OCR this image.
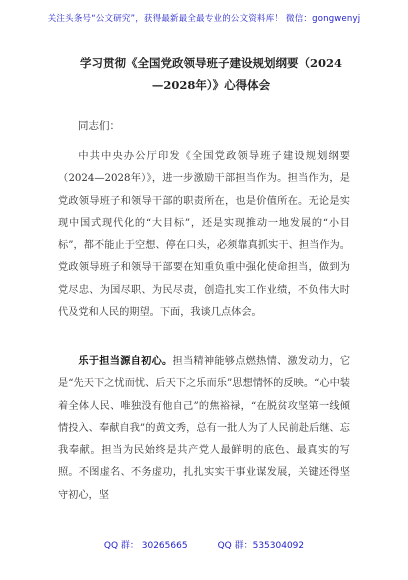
关注头条号“公文研究”，获得最新最全最专业的公文资料库！ 微信：gongwenyj
学习贯彻《全国党政领导班子建设规划纲要（2024—2028年）》心得体会
同志们：

中共中央办公厅印发《全国党政领导班子建设规划纲要（2024—2028年）》，进一步激励干部担当作为。担当作为，是党政领导班子和领导干部的职责所在，也是价值所在。无论是实现中国式现代化的“大目标”，还是实现推动一地发展的“小目标”，都不能止于空想、停在口头，必须靠真抓实干、担当作为。党政领导班子和领导干部要在知重负重中强化使命担当，做到为党尽忠、为国尽职、为民尽责，创造扎实工作业绩，不负伟大时代及党和人民的期望。下面，我谈几点体会。

乐于担当源自初心。担当精神能够点燃热情、激发动力，它是“先天下之忧而忧、后天下之乐而乐”思想情怀的反映。“心中装着全体人民、唯独没有他自己”的焦裕禄，“在脱贫攻坚第一线倾情投入、奉献自我”的黄文秀，总有一批人为了人民前赴后继、忘我奉献。担当为民始终是共产党人最鲜明的底色、最真实的写照。不图虚名、不务虚功，扎扎实实干事业谋发展，关键还得坚守初心，坚

QQ 群： 30265665	QQ 群：535304092
